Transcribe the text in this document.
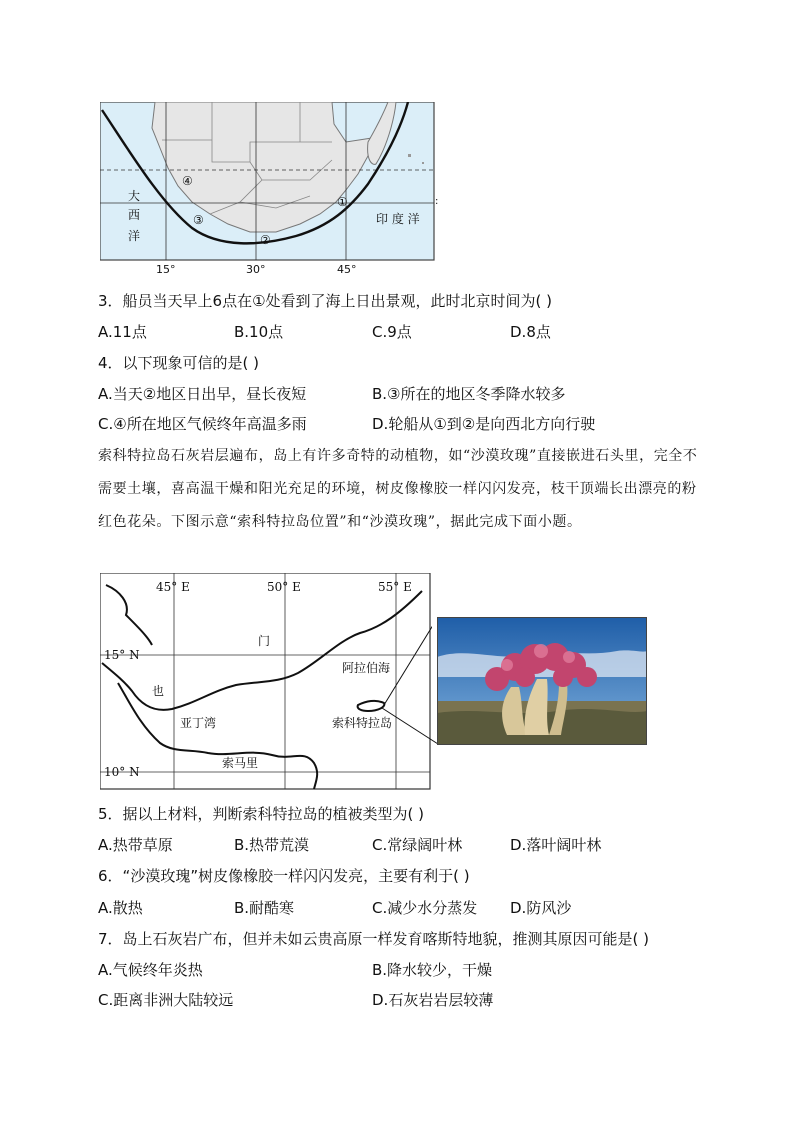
④
③
②
①
大
西
洋
印 度 洋
:
15°	30°	45°
3．船员当天早上6点在①处看到了海上日出景观，此时北京时间为( )
A.11点	B.10点	C.9点	D.8点
4．以下现象可信的是( )
A.当天②地区日出早，昼长夜短	B.③所在的地区冬季降水较多
C.④所在地区气候终年高温多雨	D.轮船从①到②是向西北方向行驶
索科特拉岛石灰岩层遍布，岛上有许多奇特的动植物，如“沙漠玫瑰”直接嵌进石头里，完全不需要土壤，喜高温干燥和阳光充足的环境，树皮像橡胶一样闪闪发亮，枝干顶端长出漂亮的粉红色花朵。下图示意“索科特拉岛位置”和“沙漠玫瑰”，据此完成下面小题。
45° E	50° E	55° E
15° N
10° N
门
也
阿拉伯海
亚丁湾	索科特拉岛
索马里
5．据以上材料，判断索科特拉岛的植被类型为( )
A.热带草原	B.热带荒漠	C.常绿阔叶林	D.落叶阔叶林
6．“沙漠玫瑰”树皮像橡胶一样闪闪发亮，主要有利于( )
A.散热	B.耐酷寒	C.减少水分蒸发 D.防风沙
7．岛上石灰岩广布，但并未如云贵高原一样发育喀斯特地貌，推测其原因可能是( )
A.气候终年炎热	B.降水较少，干燥
C.距离非洲大陆较远	D.石灰岩岩层较薄
